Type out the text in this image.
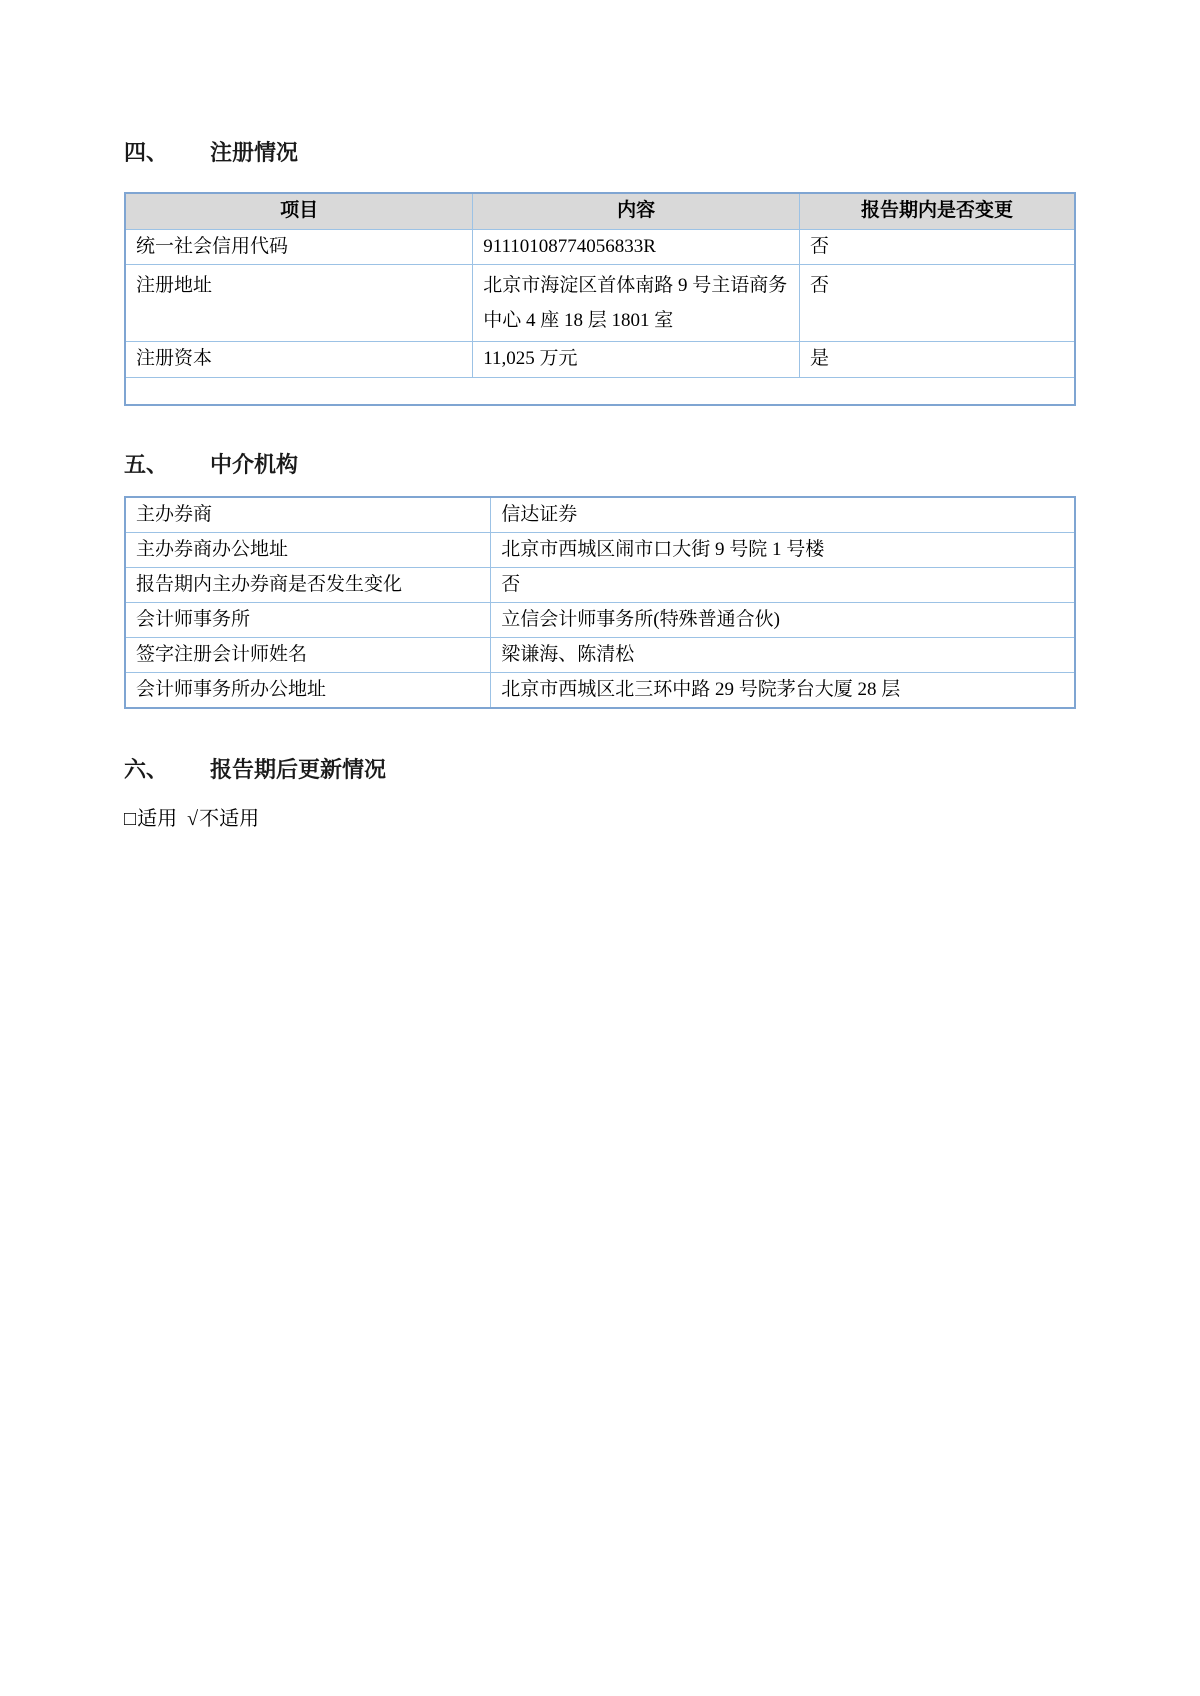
四、	注册情况
项目	内容	报告期内是否变更
统一社会信用代码	91110108774056833R	否
注册地址	北京市海淀区首体南路 9 号主语商务中心 4 座 18 层 1801 室	否
注册资本	11,025 万元	是

五、	中介机构
主办券商	信达证券
主办券商办公地址	北京市西城区闹市口大街 9 号院 1 号楼
报告期内主办券商是否发生变化	否
会计师事务所	立信会计师事务所(特殊普通合伙)
签字注册会计师姓名	梁谦海、陈清松
会计师事务所办公地址	北京市西城区北三环中路 29 号院茅台大厦 28 层
六、	报告期后更新情况

□适用 √不适用
